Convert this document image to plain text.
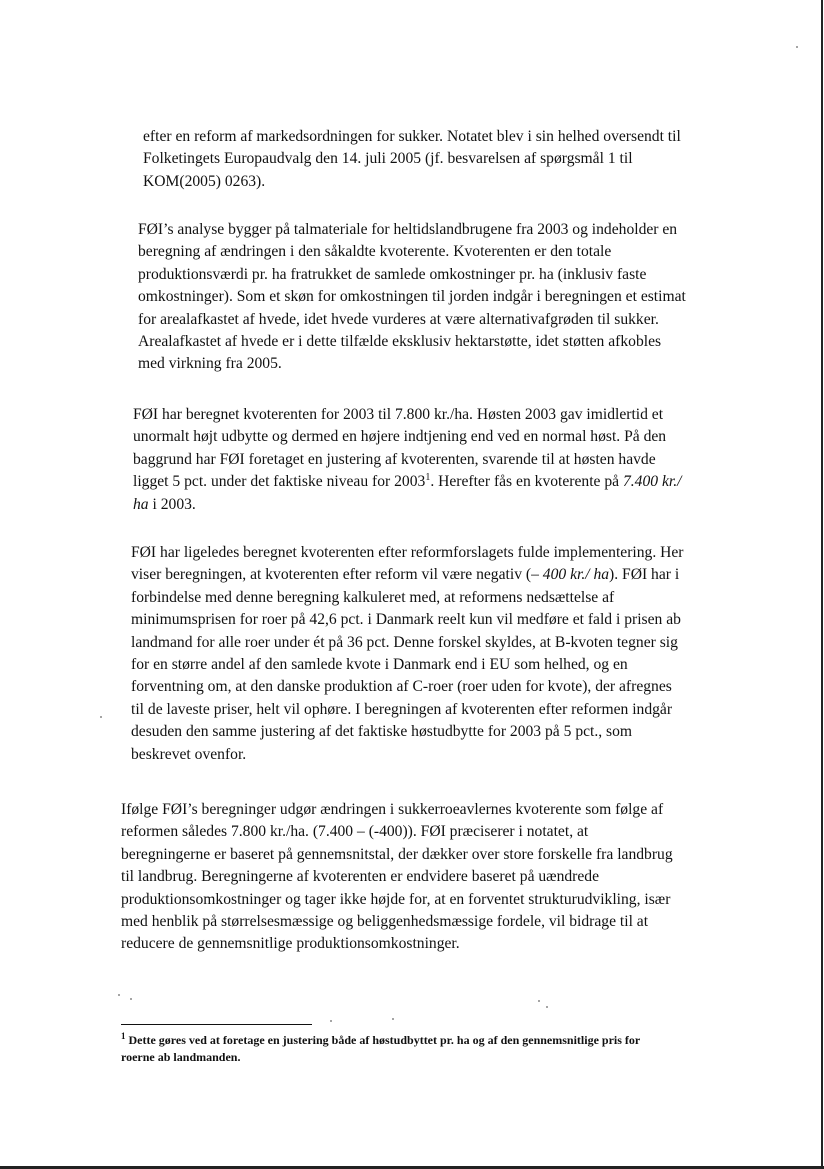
efter en reform af markedsordningen for sukker. Notatet blev i sin helhed oversendt til
Folketingets Europaudvalg den 14. juli 2005 (jf. besvarelsen af spørgsmål 1 til
KOM(2005) 0263).

FØI’s analyse bygger på talmateriale for heltidslandbrugene fra 2003 og indeholder en
beregning af ændringen i den såkaldte kvoterente. Kvoterenten er den totale
produktionsværdi pr. ha fratrukket de samlede omkostninger pr. ha (inklusiv faste
omkostninger). Som et skøn for omkostningen til jorden indgår i beregningen et estimat
for arealafkastet af hvede, idet hvede vurderes at være alternativafgrøden til sukker.
Arealafkastet af hvede er i dette tilfælde eksklusiv hektarstøtte, idet støtten afkobles
med virkning fra 2005.

FØI har beregnet kvoterenten for 2003 til 7.800 kr./ha. Høsten 2003 gav imidlertid et
unormalt højt udbytte og dermed en højere indtjening end ved en normal høst. På den
baggrund har FØI foretaget en justering af kvoterenten, svarende til at høsten havde
ligget 5 pct. under det faktiske niveau for 2003$^1$. Herefter fås en kvoterente på 7.400 kr./
ha i 2003.

FØI har ligeledes beregnet kvoterenten efter reformforslagets fulde implementering. Her
viser beregningen, at kvoterenten efter reform vil være negativ (– 400 kr./ ha). FØI har i
forbindelse med denne beregning kalkuleret med, at reformens nedsættelse af
minimumsprisen for roer på 42,6 pct. i Danmark reelt kun vil medføre et fald i prisen ab
landmand for alle roer under ét på 36 pct. Denne forskel skyldes, at B-kvoten tegner sig
for en større andel af den samlede kvote i Danmark end i EU som helhed, og en
forventning om, at den danske produktion af C-roer (roer uden for kvote), der afregnes
til de laveste priser, helt vil ophøre. I beregningen af kvoterenten efter reformen indgår
desuden den samme justering af det faktiske høstudbytte for 2003 på 5 pct., som
beskrevet ovenfor.

Ifølge FØI’s beregninger udgør ændringen i sukkerroeavlernes kvoterente som følge af
reformen således 7.800 kr./ha. (7.400 – (-400)). FØI præciserer i notatet, at
beregningerne er baseret på gennemsnitstal, der dækker over store forskelle fra landbrug
til landbrug. Beregningerne af kvoterenten er endvidere baseret på uændrede
produktionsomkostninger og tager ikke højde for, at en forventet strukturudvikling, især
med henblik på størrelsesmæssige og beliggenhedsmæssige fordele, vil bidrage til at
reducere de gennemsnitlige produktionsomkostninger.

$^1$ Dette gøres ved at foretage en justering både af høstudbyttet pr. ha og af den gennemsnitlige pris for
roerne ab landmanden.
